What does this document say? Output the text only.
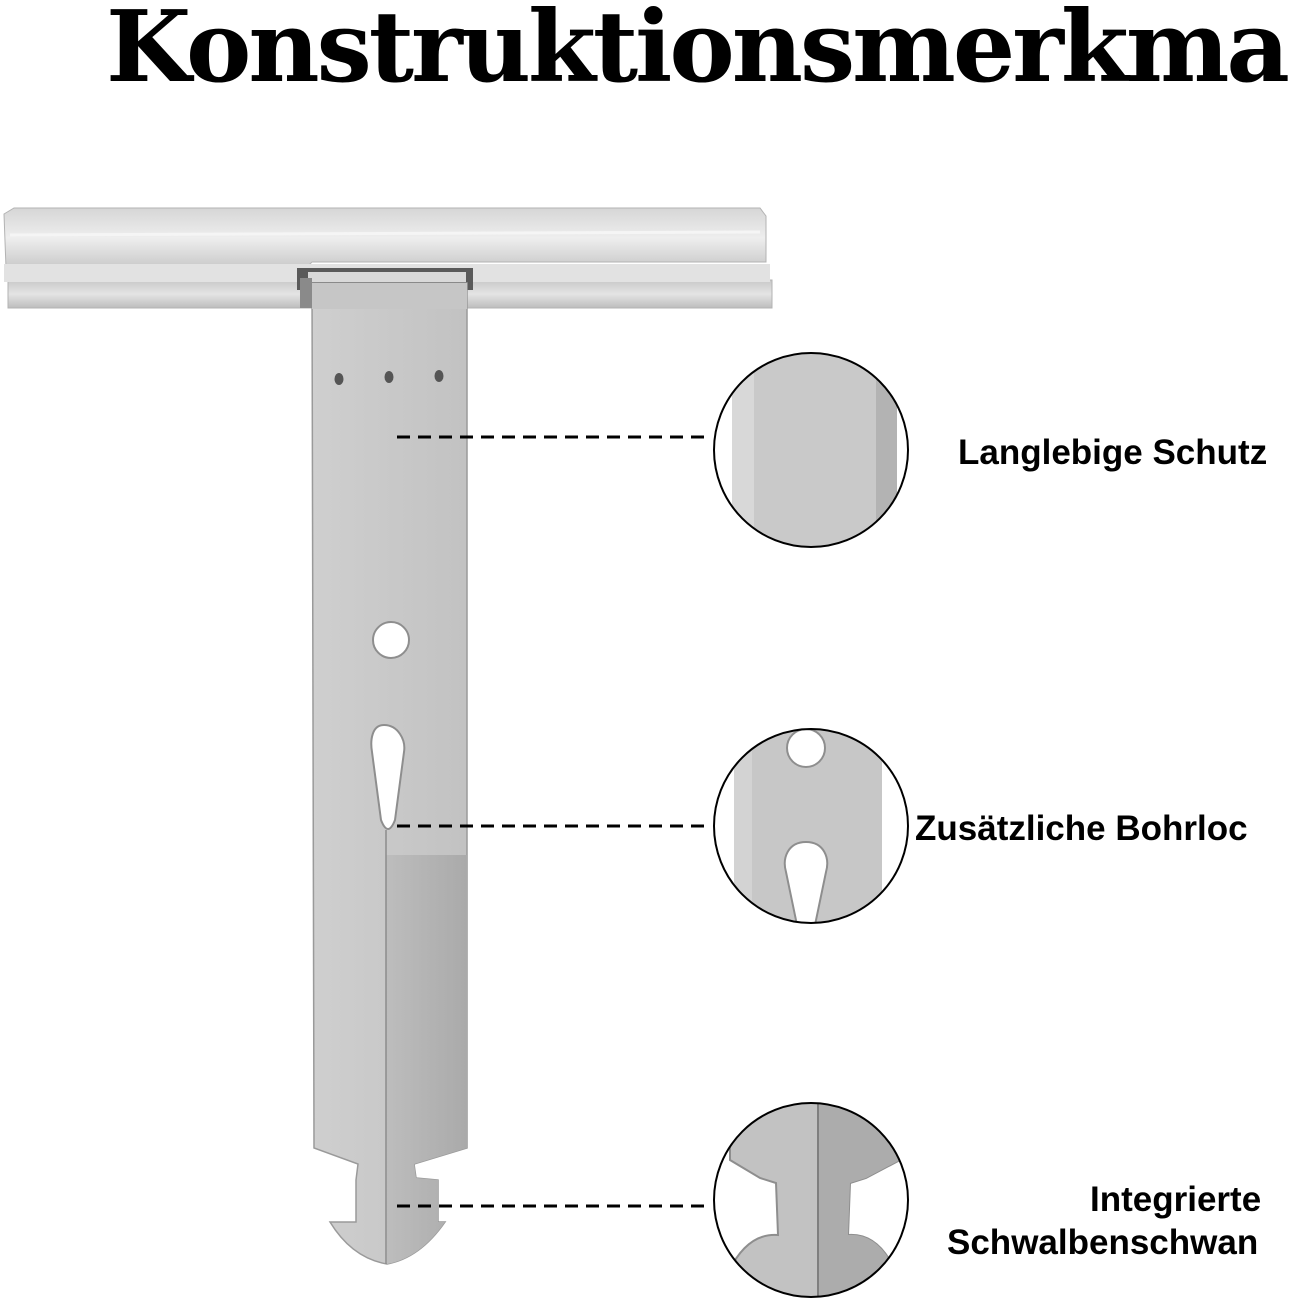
Konstruktionsmerkma
Langlebige Schutz
Zusätzliche Bohrloc
Integrierte
Schwalbenschwan
